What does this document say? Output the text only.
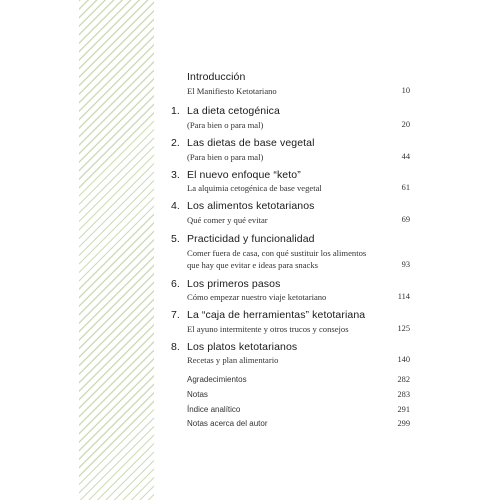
Introducción
El Manifiesto Ketotariano	10
1. La dieta cetogénica
(Para bien o para mal)	20
2. Las dietas de base vegetal
(Para bien o para mal)	44
3. El nuevo enfoque “keto”
La alquimia cetogénica de base vegetal	61
4. Los alimentos ketotarianos
Qué comer y qué evitar	69
5. Practicidad y funcionalidad
Comer fuera de casa, con qué sustituir los alimentos
que hay que evitar e ideas para snacks	93
6. Los primeros pasos
Cómo empezar nuestro viaje ketotariano	114
7. La “caja de herramientas” ketotariana
El ayuno intermitente y otros trucos y consejos	125
8. Los platos ketotarianos
Recetas y plan alimentario	140
Agradecimientos	282
Notas	283
Índice analítico	291
Notas acerca del autor	299
